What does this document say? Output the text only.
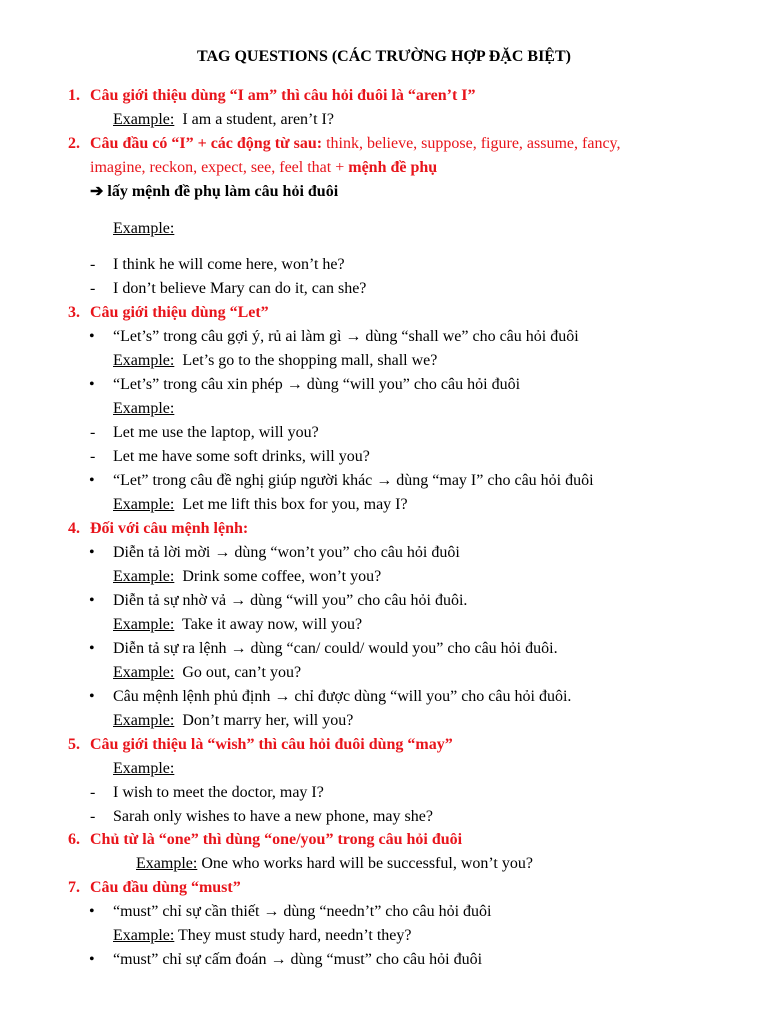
TAG QUESTIONS (CÁC TRƯỜNG HỢP ĐẶC BIỆT)
1. Câu giới thiệu dùng “I am” thì câu hỏi đuôi là “aren’t I”
Example: I am a student, aren’t I?
2. Câu đầu có “I” + các động từ sau: think, believe, suppose, figure, assume, fancy,
imagine, reckon, expect, see, feel that + mệnh đề phụ
➔ lấy mệnh đề phụ làm câu hỏi đuôi
Example:
- I think he will come here, won’t he?
- I don’t believe Mary can do it, can she?
3. Câu giới thiệu dùng “Let”
• “Let’s” trong câu gợi ý, rủ ai làm gì → dùng “shall we” cho câu hỏi đuôi
Example: Let’s go to the shopping mall, shall we?
• “Let’s” trong câu xin phép → dùng “will you” cho câu hỏi đuôi
Example:
- Let me use the laptop, will you?
- Let me have some soft drinks, will you?
• “Let” trong câu đề nghị giúp người khác → dùng “may I” cho câu hỏi đuôi
Example: Let me lift this box for you, may I?
4. Đối với câu mệnh lệnh:
• Diễn tả lời mời → dùng “won’t you” cho câu hỏi đuôi
Example: Drink some coffee, won’t you?
• Diễn tả sự nhờ vả → dùng “will you” cho câu hỏi đuôi.
Example: Take it away now, will you?
• Diễn tả sự ra lệnh → dùng “can/ could/ would you” cho câu hỏi đuôi.
Example: Go out, can’t you?
• Câu mệnh lệnh phủ định → chỉ được dùng “will you” cho câu hỏi đuôi.
Example: Don’t marry her, will you?
5. Câu giới thiệu là “wish” thì câu hỏi đuôi dùng “may”
Example:
- I wish to meet the doctor, may I?
- Sarah only wishes to have a new phone, may she?
6. Chủ từ là “one” thì dùng “one/you” trong câu hỏi đuôi
Example: One who works hard will be successful, won’t you?
7. Câu đầu dùng “must”
• “must” chỉ sự cần thiết → dùng “needn’t” cho câu hỏi đuôi
Example: They must study hard, needn’t they?
• “must” chỉ sự cấm đoán → dùng “must” cho câu hỏi đuôi
